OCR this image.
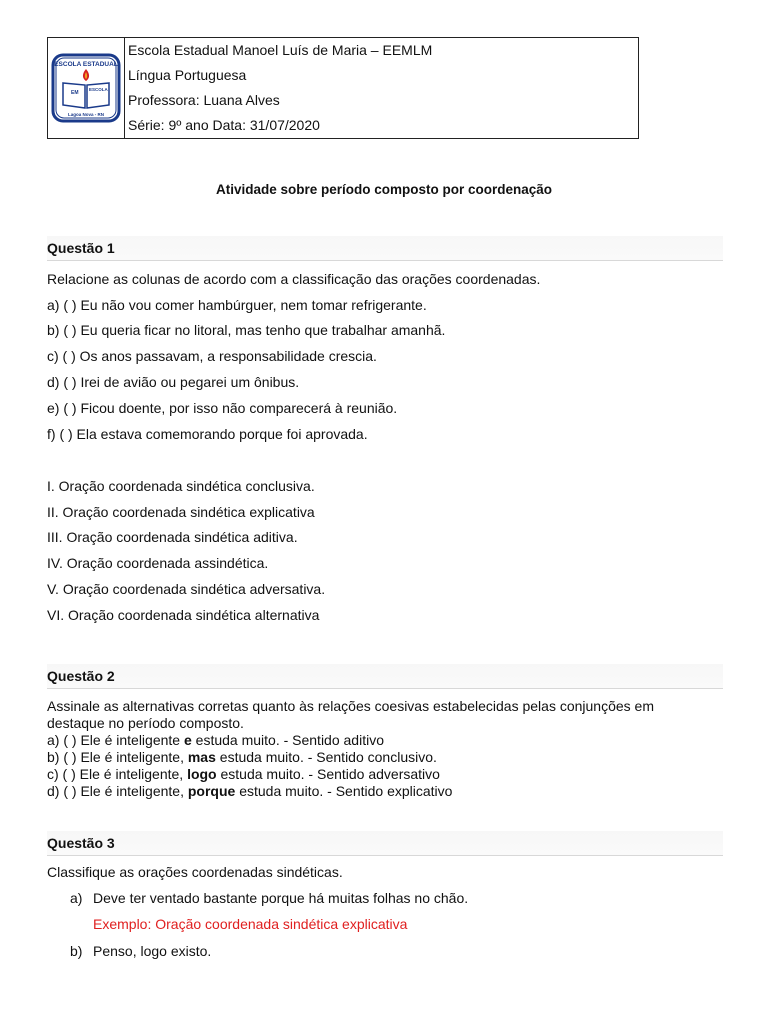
ESCOLA ESTADUAL
EM
ESCOLA
Lagoa Nova - RN
Escola Estadual Manoel Luís de Maria – EEMLM
Língua Portuguesa
Professora: Luana Alves
Série: 9º ano Data: 31/07/2020
Atividade sobre período composto por coordenação
Questão 1
Relacione as colunas de acordo com a classificação das orações coordenadas.
a) ( ) Eu não vou comer hambúrguer, nem tomar refrigerante.
b) ( ) Eu queria ficar no litoral, mas tenho que trabalhar amanhã.
c) ( ) Os anos passavam, a responsabilidade crescia.
d) ( ) Irei de avião ou pegarei um ônibus.
e) ( ) Ficou doente, por isso não comparecerá à reunião.
f) ( ) Ela estava comemorando porque foi aprovada.
I. Oração coordenada sindética conclusiva.
II. Oração coordenada sindética explicativa
III. Oração coordenada sindética aditiva.
IV. Oração coordenada assindética.
V. Oração coordenada sindética adversativa.
VI. Oração coordenada sindética alternativa
Questão 2
Assinale as alternativas corretas quanto às relações coesivas estabelecidas pelas conjunções em
destaque no período composto.
a) ( ) Ele é inteligente e estuda muito. - Sentido aditivo
b) ( ) Ele é inteligente, mas estuda muito. - Sentido conclusivo.
c) ( ) Ele é inteligente, logo estuda muito. - Sentido adversativo
d) ( ) Ele é inteligente, porque estuda muito. - Sentido explicativo
Questão 3
Classifique as orações coordenadas sindéticas.
a) Deve ter ventado bastante porque há muitas folhas no chão.
Exemplo: Oração coordenada sindética explicativa
b) Penso, logo existo.
